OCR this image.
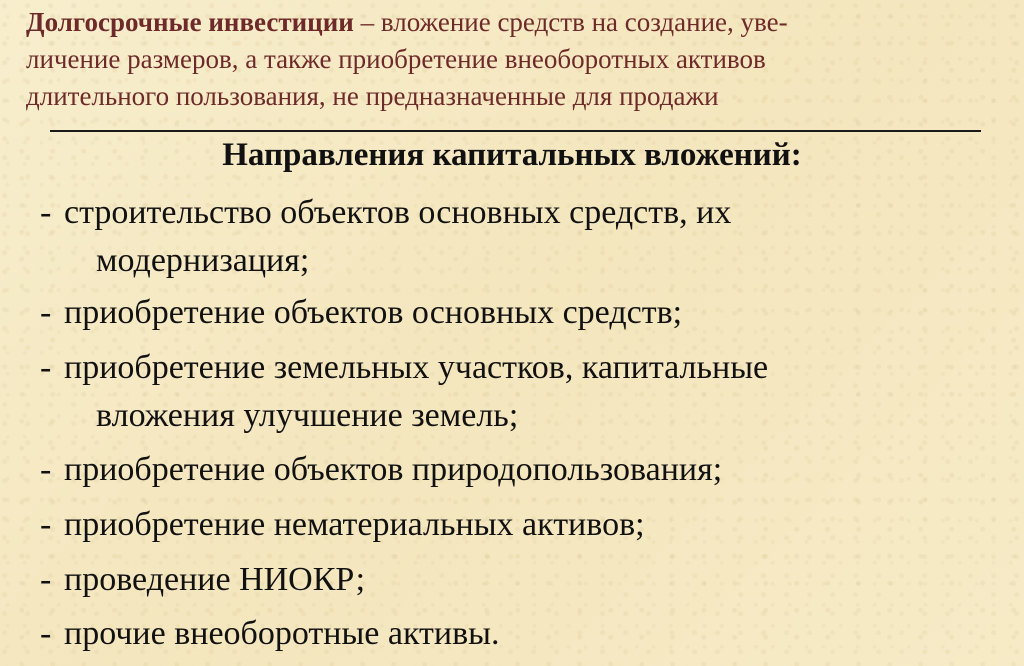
Долгосрочные инвестиции – вложение средств на создание, уве-
личение размеров, а также приобретение внеоборотных активов
длительного пользования, не предназначенные для продажи

Направления капитальных вложений:
- строительство объектов основных средств, их
модернизация;
- приобретение объектов основных средств;
- приобретение земельных участков, капитальные
вложения улучшение земель;
- приобретение объектов природопользования;
- приобретение нематериальных активов;
- проведение НИОКР;
- прочие внеоборотные активы.
